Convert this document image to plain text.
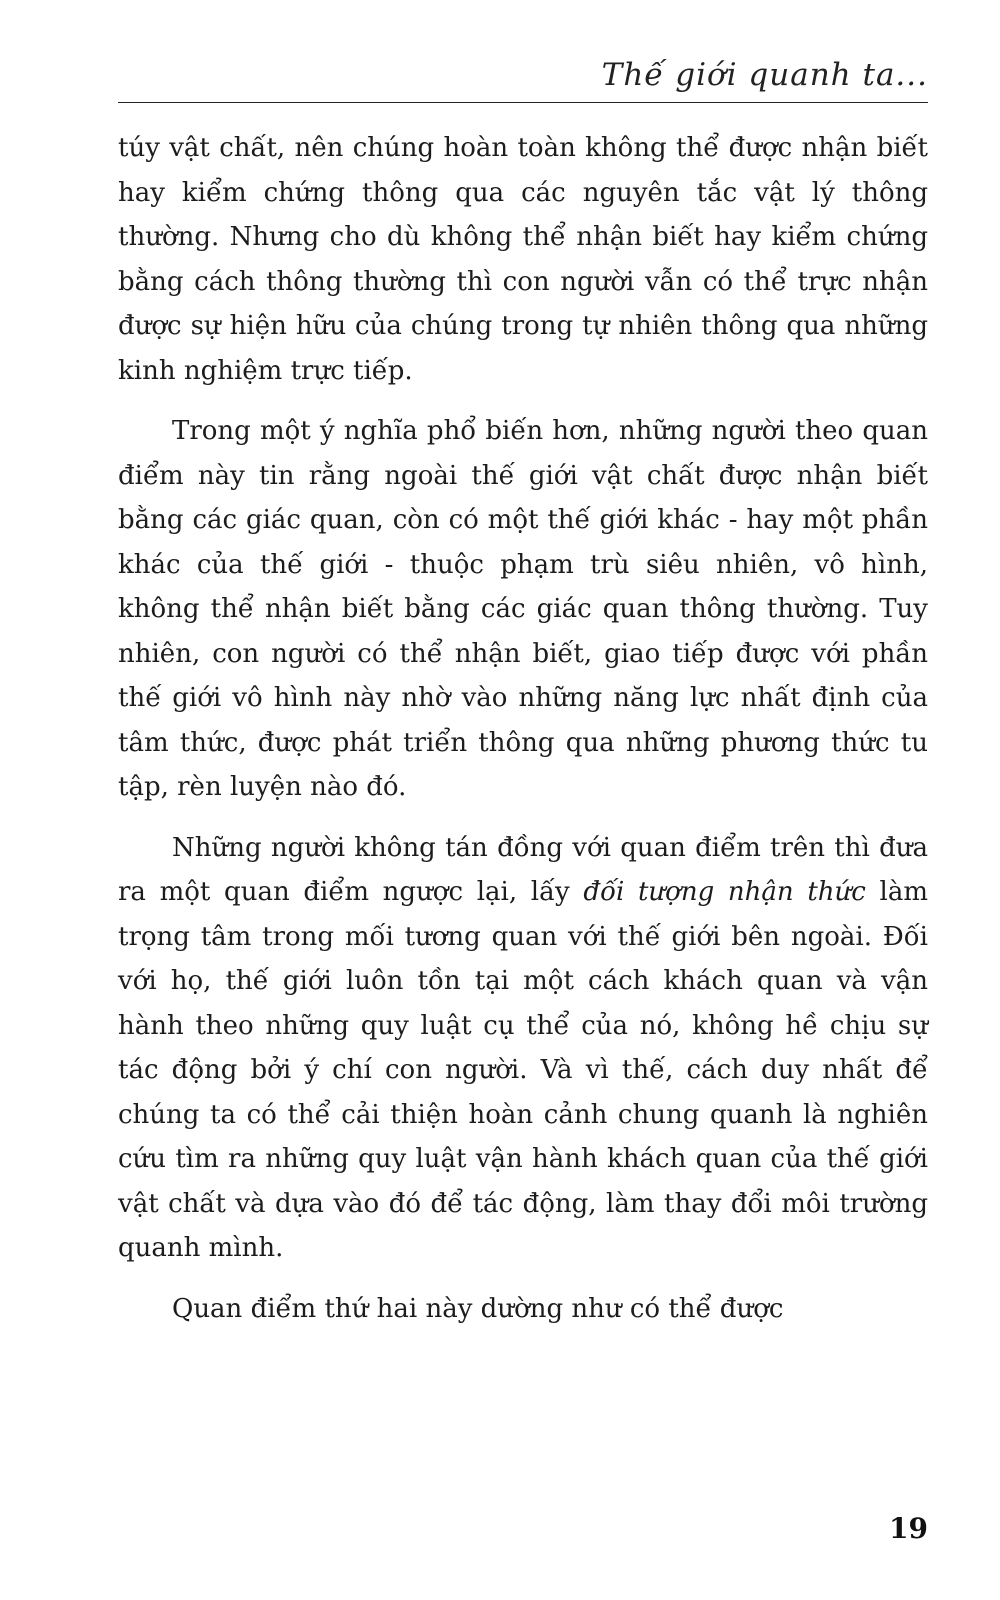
Thế giới quanh ta...

túy vật chất, nên chúng hoàn toàn không thể được nhận biết hay kiểm chứng thông qua các nguyên tắc vật lý thông thường. Nhưng cho dù không thể nhận biết hay kiểm chứng bằng cách thông thường thì con người vẫn có thể trực nhận được sự hiện hữu của chúng trong tự nhiên thông qua những kinh nghiệm trực tiếp.

Trong một ý nghĩa phổ biến hơn, những người theo quan điểm này tin rằng ngoài thế giới vật chất được nhận biết bằng các giác quan, còn có một thế giới khác - hay một phần khác của thế giới - thuộc phạm trù siêu nhiên, vô hình, không thể nhận biết bằng các giác quan thông thường. Tuy nhiên, con người có thể nhận biết, giao tiếp được với phần thế giới vô hình này nhờ vào những năng lực nhất định của tâm thức, được phát triển thông qua những phương thức tu tập, rèn luyện nào đó.

Những người không tán đồng với quan điểm trên thì đưa ra một quan điểm ngược lại, lấy đối tượng nhận thức làm trọng tâm trong mối tương quan với thế giới bên ngoài. Đối với họ, thế giới luôn tồn tại một cách khách quan và vận hành theo những quy luật cụ thể của nó, không hề chịu sự tác động bởi ý chí con người. Và vì thế, cách duy nhất để chúng ta có thể cải thiện hoàn cảnh chung quanh là nghiên cứu tìm ra những quy luật vận hành khách quan của thế giới vật chất và dựa vào đó để tác động, làm thay đổi môi trường quanh mình.

Quan điểm thứ hai này dường như có thể được

19
